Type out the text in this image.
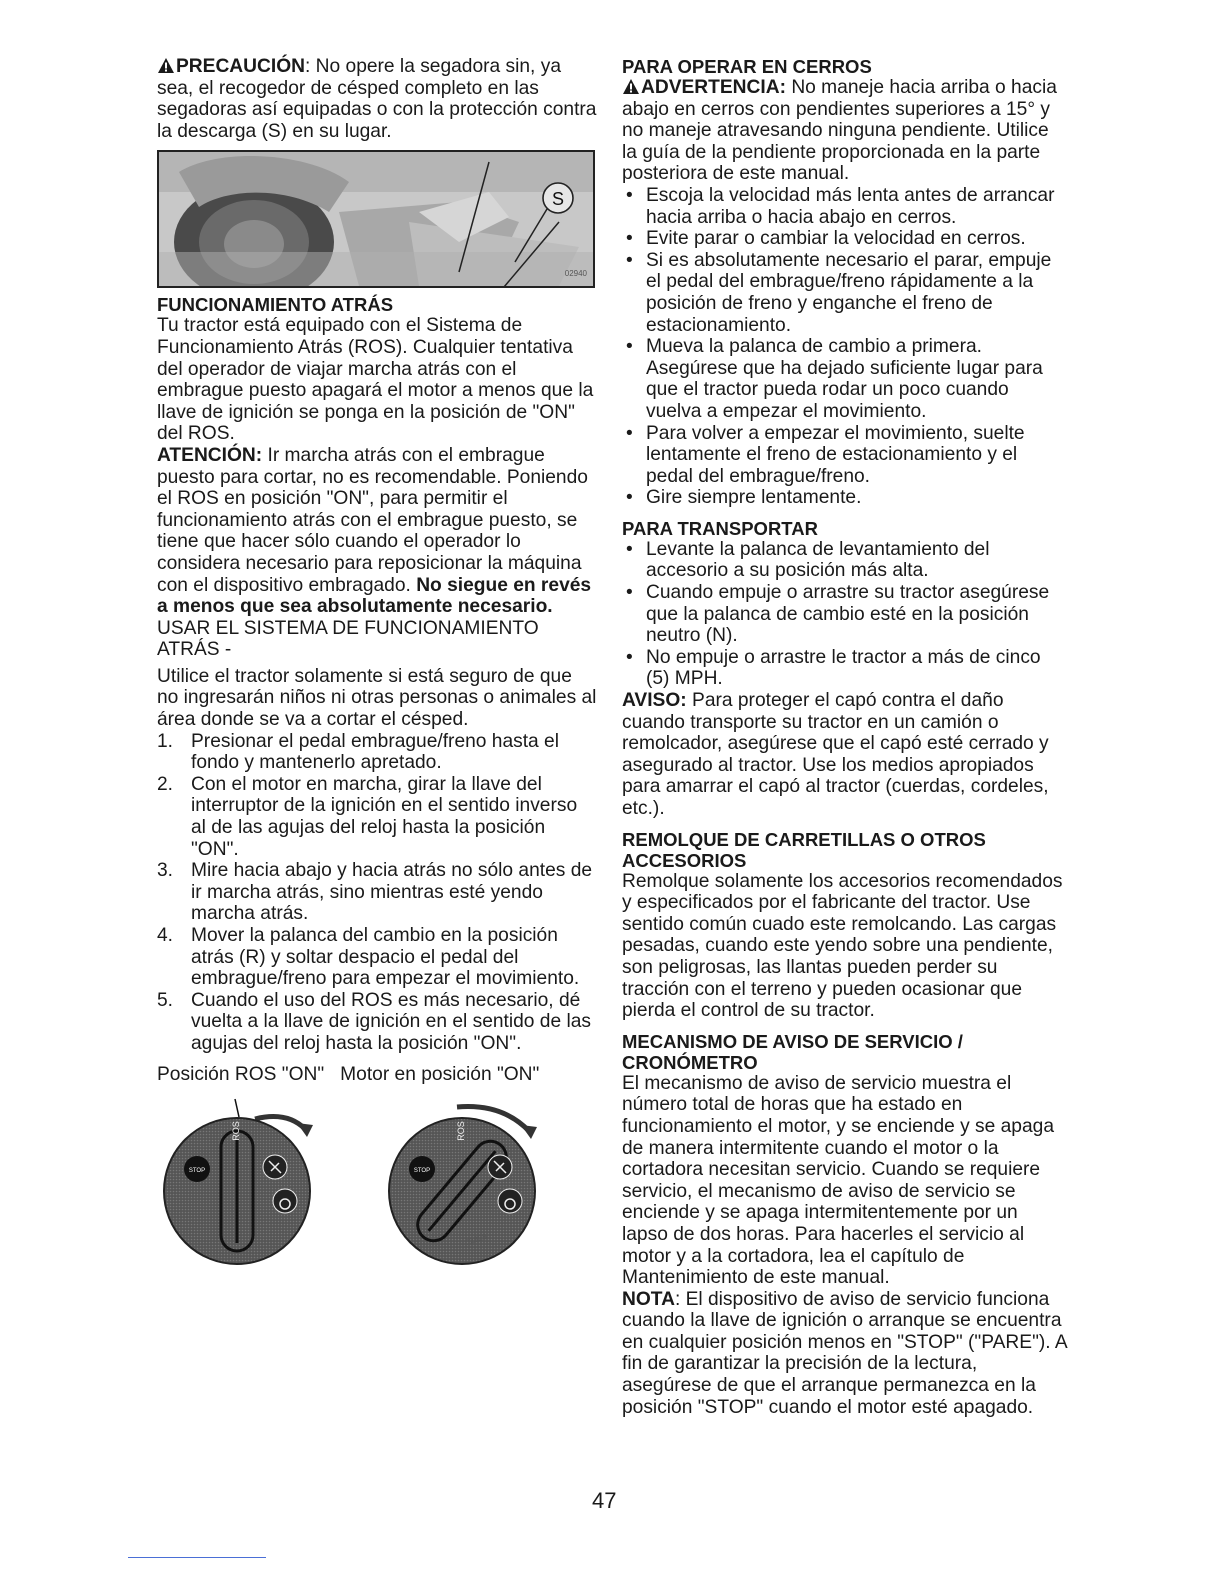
PRECAUCIÓN: No opere la segadora sin, ya sea, el recogedor de césped completo en las segadoras así equipadas o con la protección contra la descarga (S) en su lugar.

S
02940

FUNCIONAMIENTO ATRÁS

Tu tractor está equipado con el Sistema de Funcionamiento Atrás (ROS). Cualquier tentativa del operador de viajar marcha atrás con el embrague puesto apagará el motor a menos que la llave de ignición se ponga en la posición de "ON" del ROS.

ATENCIÓN: Ir marcha atrás con el embrague puesto para cortar, no es recomendable. Poniendo el ROS en posición "ON", para permitir el funcionamiento atrás con el embrague puesto, se tiene que hacer sólo cuando el operador lo considera necesario para reposicionar la máquina con el dispositivo embragado. No siegue en revés a menos que sea absolutamente necesario.

USAR EL SISTEMA DE FUNCIONAMIENTO ATRÁS -

Utilice el tractor solamente si está seguro de que no ingresarán niños ni otras personas o animales al área donde se va a cortar el césped.

1. Presionar el pedal embrague/freno hasta el fondo y mantenerlo apretado.
2. Con el motor en marcha, girar la llave del interruptor de la ignición en el sentido inverso al de las agujas del reloj hasta la posición "ON".
3. Mire hacia abajo y hacia atrás no sólo antes de ir marcha atrás, sino mientras esté yendo marcha atrás.
4. Mover la palanca del cambio en la posición atrás (R) y soltar despacio el pedal del embrague/freno para empezar el movimiento.
5. Cuando el uso del ROS es más necesario, dé vuelta a la llave de ignición en el sentido de las agujas del reloj hasta la posición "ON".

Posición ROS "ON" Motor en posición "ON"

STOP
ROS
STOP
ROS
02828

PARA OPERAR EN CERROS

ADVERTENCIA: No maneje hacia arriba o hacia abajo en cerros con pendientes superiores a 15° y no maneje atravesando ninguna pendiente. Utilice la guía de la pendiente proporcionada en la parte posteriora de este manual.

• Escoja la velocidad más lenta antes de arrancar hacia arriba o hacia abajo en cerros.
• Evite parar o cambiar la velocidad en cerros.
• Si es absolutamente necesario el parar, empuje el pedal del embrague/freno rápidamente a la posición de freno y enganche el freno de estacionamiento.
• Mueva la palanca de cambio a primera. Asegúrese que ha dejado suficiente lugar para que el tractor pueda rodar un poco cuando vuelva a empezar el movimiento.
• Para volver a empezar el movimiento, suelte lentamente el freno de estacionamiento y el pedal del embrague/freno.
• Gire siempre lentamente.

PARA TRANSPORTAR

• Levante la palanca de levantamiento del accesorio a su posición más alta.
• Cuando empuje o arrastre su tractor asegúrese que la palanca de cambio esté en la posición neutro (N).
• No empuje o arrastre le tractor a más de cinco (5) MPH.

AVISO: Para proteger el capó contra el daño cuando transporte su tractor en un camión o remolcador, asegúrese que el capó esté cerrado y asegurado al tractor. Use los medios apropiados para amarrar el capó al tractor (cuerdas, cordeles, etc.).

REMOLQUE DE CARRETILLAS O OTROS ACCESORIOS

Remolque solamente los accesorios recomendados y especificados por el fabricante del tractor. Use sentido común cuado este remolcando. Las cargas pesadas, cuando este yendo sobre una pendiente, son peligrosas, las llantas pueden perder su tracción con el terreno y pueden ocasionar que pierda el control de su tractor.

MECANISMO DE AVISO DE SERVICIO / CRONÓMETRO

El mecanismo de aviso de servicio muestra el número total de horas que ha estado en funcionamiento el motor, y se enciende y se apaga de manera intermitente cuando el motor o la cortadora necesitan servicio. Cuando se requiere servicio, el mecanismo de aviso de servicio se enciende y se apaga intermitentemente por un lapso de dos horas. Para hacerles el servicio al motor y a la cortadora, lea el capítulo de Mantenimiento de este manual.

NOTA: El dispositivo de aviso de servicio funciona cuando la llave de ignición o arranque se encuentra en cualquier posición menos en "STOP" ("PARE"). A fin de garantizar la precisión de la lectura, asegúrese de que el arranque permanezca en la posición "STOP" cuando el motor esté apagado.

47
